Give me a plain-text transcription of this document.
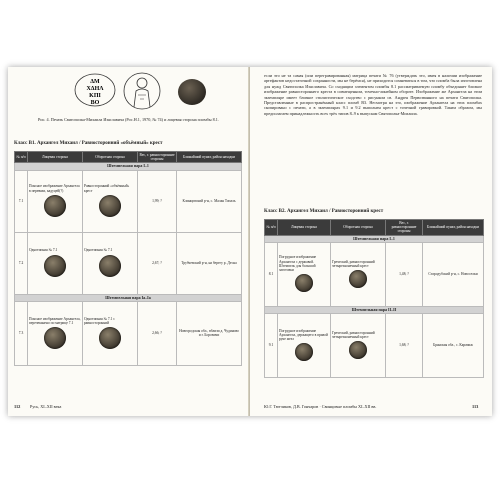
ΔΜ
ΧΔΗΛ
ΚΠΙ
ΒΟ
Рис. 4. Печать Святополка-Михаила Изяславича (Рос.Н.1, 1970, № 74) и лицевая сторона пломбы 8.1.
Класс В1. Архангел Михаил / Равносторонний «объёмный» крест
№ п/п	Лицевая сторона	Оборотная сторона	Вес, г. равносторонние стороны	Ближайший пункт, район находки
Штемпельная пара I–1				
7.1	Поясное изображение Архангела в перевязи, кадуцей(?)	Равносторонний «объёмный» крест	1,99; ?	Клинцовский р-н, с. Малая Топаль
7.2	Однотипная № 7.1	Однотипная № 7.1	2,67; ?	Трубчевский р-н, на берегу р. Десна
Штемпельная пара Ia–Ia				
7.3	Поясное изображение Архангела, перечеканено по матрице 7.1	Однотипная № 7.1 с равносторонний	2,66; ?	Новгородская обл., вблизи д. Чудиново и г. Боровичи
112 Русь, XI–XII века
если это не та самая (или перегравированная) матрица печати № 76 (утверждать это, имея в наличии изображение артефактов недостаточной сохранности, мы не берёмся), не приходится сомневаться в том, что пломба была изготовлена для нужд Святополка Изяславича. Со сходящим элементом пломбы 8.1 рассматриваемую пломбу объединяет близкое изображение равностороннего креста в совмещенном, точечно-линейном обороте. Изображение же Архангела на этом экземпляре имеет близкое стилистическое сходство с рисунком св. Андрея Первозванного на печати Святополка. Представленные в распространённый класс пломб В3. Несмотря на это, изображение Архангела на этих пломбах скопировано с печати, а в экземплярах 9.1 и 9.2 выполнен крест с точечной гравировкой. Таким образом, мы предполагаем принадлежность всех трёх типов 8–9 к выпускам Святополка-Михаила.
Класс В2. Архангел Михаил / Равносторонний крест
№ п/п	Лицевая сторона	Оборотная сторона	Вес, г. равносторонние стороны	Ближайший пункт, район находки
Штемпельная пара I–1				
8.1	Погрудное изображение Архангела с державой. Штемпель для большой заготовки	Греческий, равносторонний четырехконечный крест	1,48; ?	Стародубский р-н, с. Новоселки
Штемпельная пара II–II				
9.1	Погрудное изображение Архангела, держащего в правой руке жезл	Греческий, равносторонний четырехконечный крест	1,68; ?	Брянская обл., с. Карачиж
Ю.Г. Тютчиков, Д.В. Гончаров · Свинцовые пломбы XI–XII вв.	113
